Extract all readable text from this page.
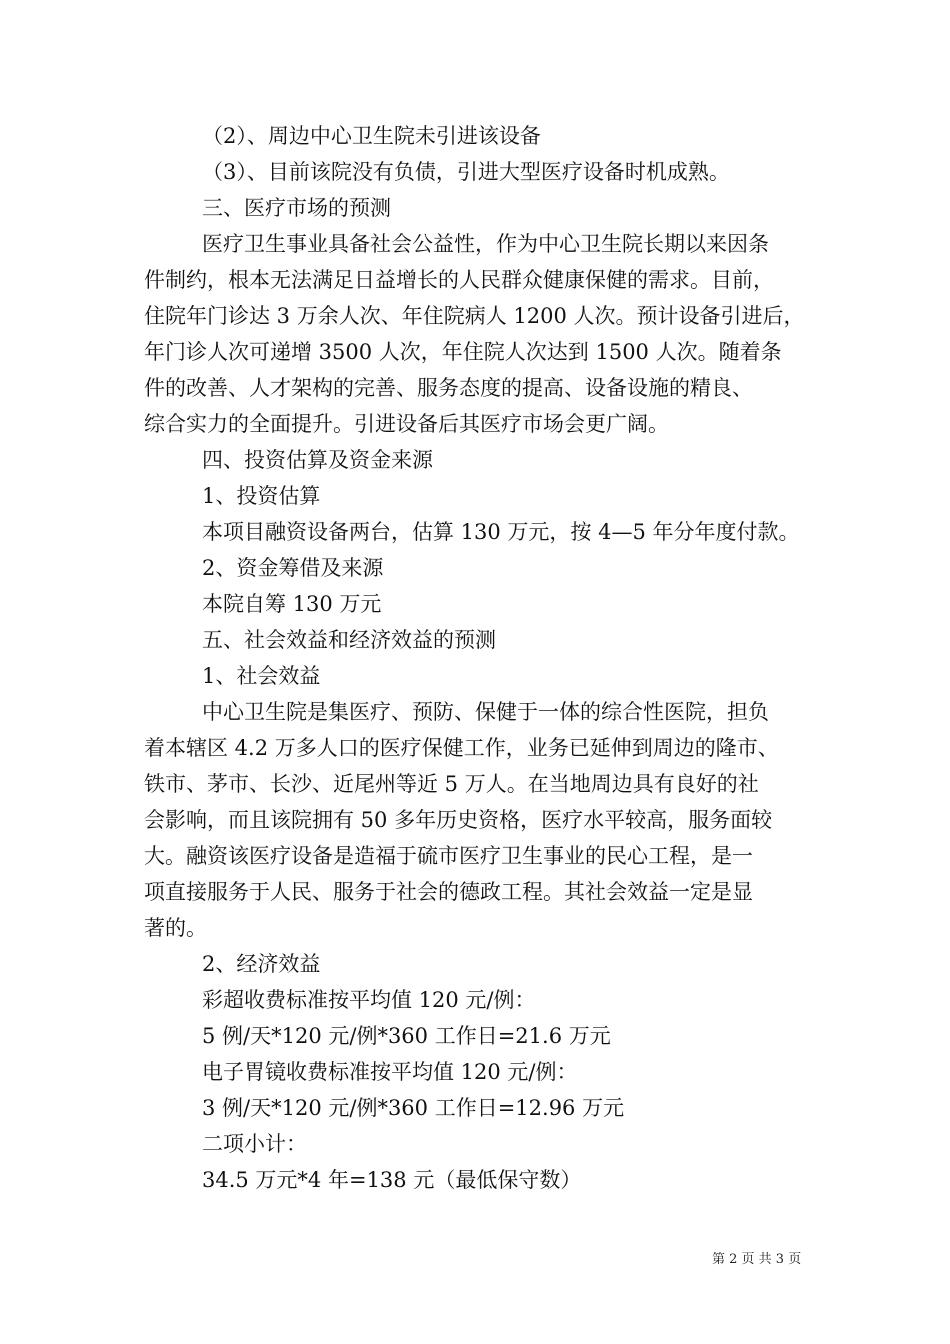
（2）、周边中心卫生院未引进该设备
（3）、目前该院没有负债，引进大型医疗设备时机成熟。
三、医疗市场的预测
医疗卫生事业具备社会公益性，作为中心卫生院长期以来因条
件制约，根本无法满足日益增长的人民群众健康保健的需求。目前，
住院年门诊达 3 万余人次、年住院病人 1200 人次。预计设备引进后，
年门诊人次可递增 3500 人次，年住院人次达到 1500 人次。随着条
件的改善、人才架构的完善、服务态度的提高、设备设施的精良、
综合实力的全面提升。引进设备后其医疗市场会更广阔。
四、投资估算及资金来源
1、投资估算
本项目融资设备两台，估算 130 万元，按 4—5 年分年度付款。
2、资金筹借及来源
本院自筹 130 万元
五、社会效益和经济效益的预测
1、社会效益
中心卫生院是集医疗、预防、保健于一体的综合性医院，担负
着本辖区 4.2 万多人口的医疗保健工作，业务已延伸到周边的隆市、
铁市、茅市、长沙、近尾州等近 5 万人。在当地周边具有良好的社
会影响，而且该院拥有 50 多年历史资格，医疗水平较高，服务面较
大。融资该医疗设备是造福于硫市医疗卫生事业的民心工程，是一
项直接服务于人民、服务于社会的德政工程。其社会效益一定是显
著的。
2、经济效益
彩超收费标准按平均值 120 元/例：
5 例/天*120 元/例*360 工作日=21.6 万元
电子胃镜收费标准按平均值 120 元/例：
3 例/天*120 元/例*360 工作日=12.96 万元
二项小计：
34.5 万元*4 年=138 元（最低保守数）
第 2 页 共 3 页
